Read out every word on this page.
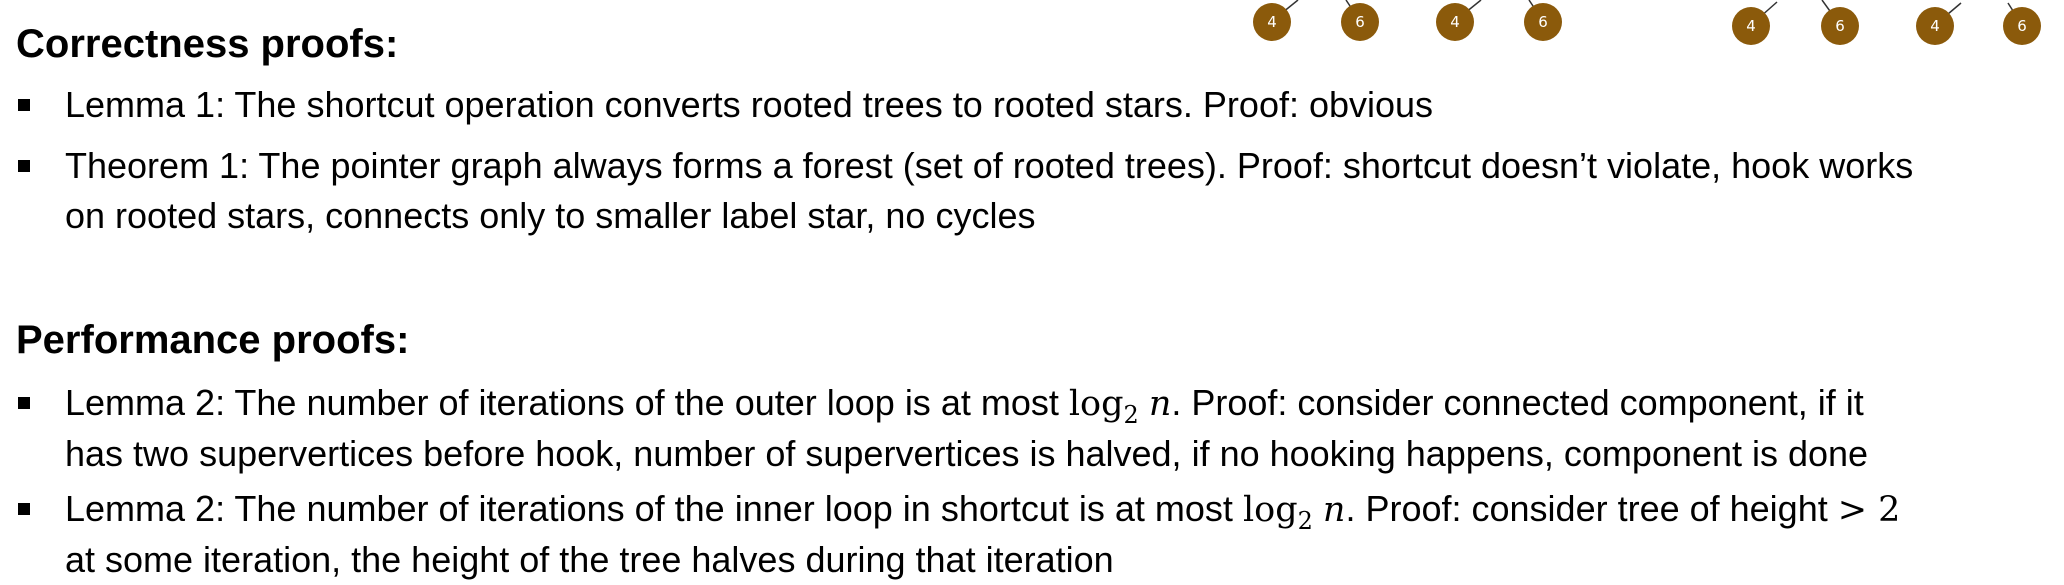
4	6	4	6	4	6	4	6
Correctness proofs:
Lemma 1: The shortcut operation converts rooted trees to rooted stars. Proof: obvious
Theorem 1: The pointer graph always forms a forest (set of rooted trees). Proof: shortcut doesn’t violate, hook works
on rooted stars, connects only to smaller label star, no cycles
Performance proofs:
Lemma 2: The number of iterations of the outer loop is at most $\log_2 n$. Proof: consider connected component, if it
has two supervertices before hook, number of supervertices is halved, if no hooking happens, component is done
Lemma 2: The number of iterations of the inner loop in shortcut is at most $\log_2 n$. Proof: consider tree of height > 2
at some iteration, the height of the tree halves during that iteration
